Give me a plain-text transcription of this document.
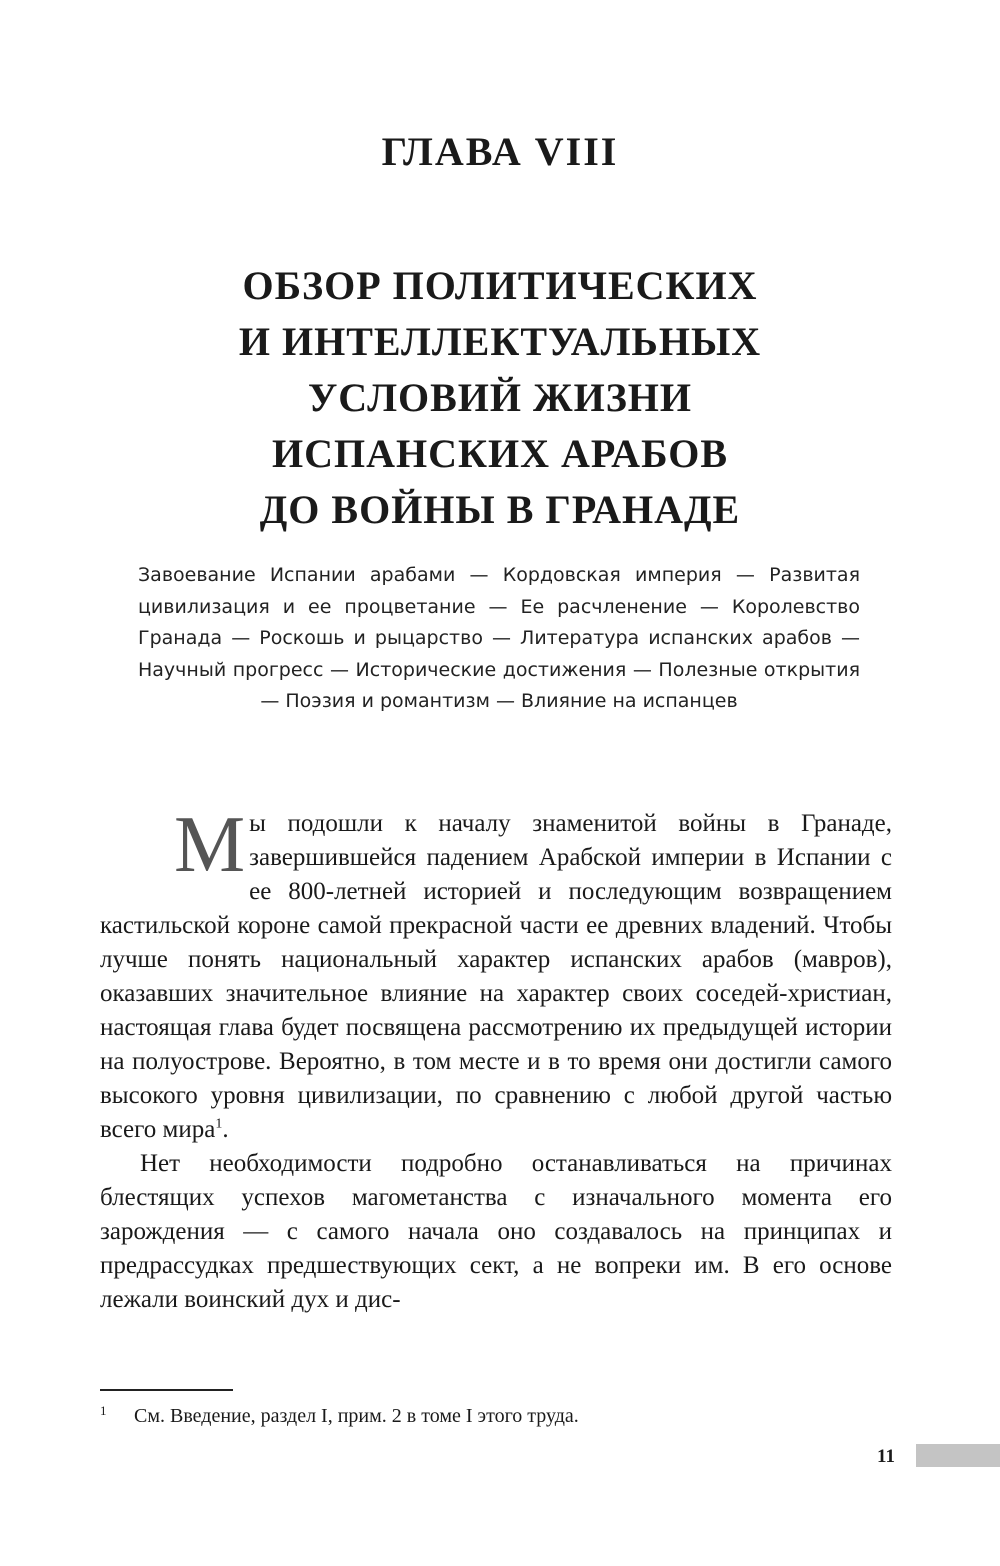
ГЛАВА VIII
ОБЗОР ПОЛИТИЧЕСКИХ
И ИНТЕЛЛЕКТУАЛЬНЫХ
УСЛОВИЙ ЖИЗНИ
ИСПАНСКИХ АРАБОВ
ДО ВОЙНЫ В ГРАНАДЕ
Завоевание Испании арабами — Кордовская империя — Развитая цивилизация и ее процветание — Ее расчленение — Королевство Гранада — Роскошь и рыцарство — Литература испанских арабов — Научный прогресс — Исторические достижения — Полезные открытия — Поэзия и романтизм — Влияние на испанцев

Мы подошли к началу знаменитой войны в Гранаде, завершившейся падением Арабской империи в Испании с ее 800-летней историей и последующим возвращением кастильской короне самой прекрасной части ее древних владений. Чтобы лучше понять национальный характер испанских арабов (мавров), оказавших значительное влияние на характер своих соседей-христиан, настоящая глава будет посвящена рассмотрению их предыдущей истории на полуострове. Вероятно, в том месте и в то время они достигли самого высокого уровня цивилизации, по сравнению с любой другой частью всего мира$^1$.

Нет необходимости подробно останавливаться на причинах блестящих успехов магометанства с изначального момента его зарождения — с самого начала оно создавалось на принципах и предрассудках предшествующих сект, а не вопреки им. В его основе лежали воинский дух и дис-

1 См. Введение, раздел I, прим. 2 в томе I этого труда.
11
